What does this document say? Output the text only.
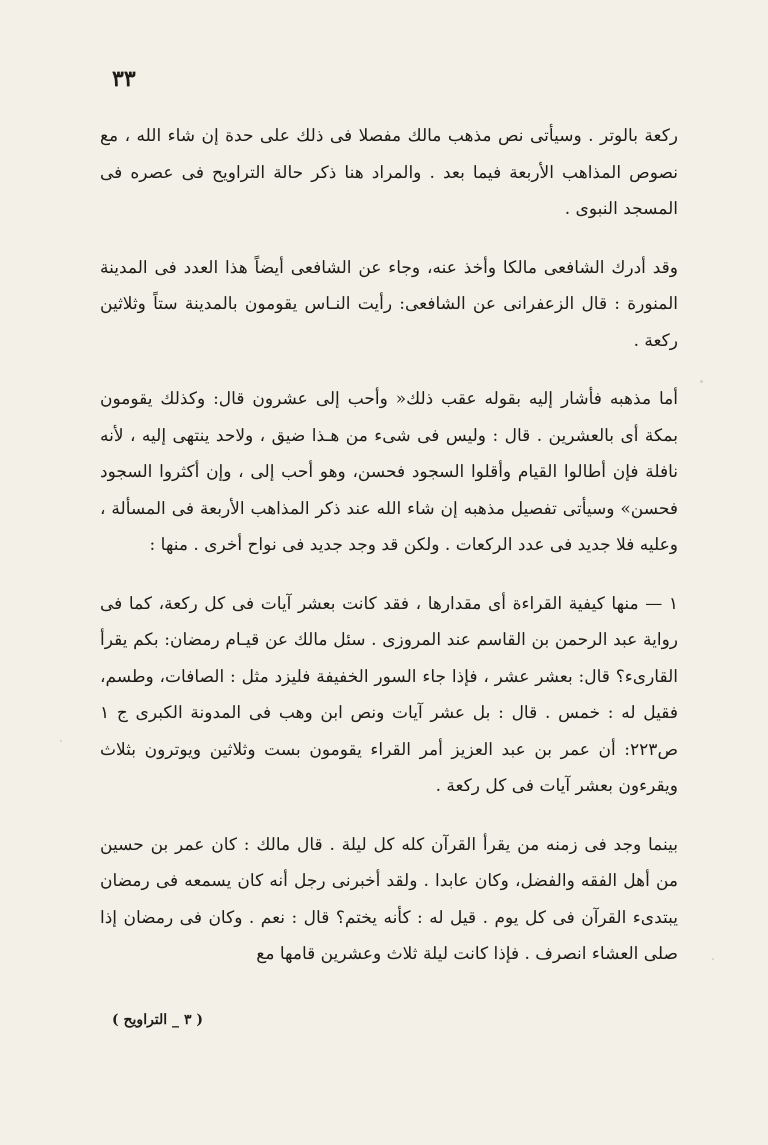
٣٣

ركعة بالوتر . وسيأتى نص مذهب مالك مفصلا فى ذلك على حدة إن شاء الله ، مع نصوص المذاهب الأربعة فيما بعد . والمراد هنا ذكر حالة التراويح فى عصره فى المسجد النبوى .

وقد أدرك الشافعى مالكا وأخذ عنه، وجاء عن الشافعى أيضاً هذا العدد فى المدينة المنورة : قال الزعفرانى عن الشافعى: رأيت النـاس يقومون بالمدينة ستاً وثلاثين ركعة .

أما مذهبه فأشار إليه بقوله عقب ذلك« وأحب إلى عشرون قال: وكذلك يقومون بمكة أى بالعشرين . قال : وليس فى شىء من هـذا ضيق ، ولاحد ينتهى إليه ، لأنه نافلة فإن أطالوا القيام وأقلوا السجود فحسن، وهو أحب إلى ، وإن أكثروا السجود فحسن» وسيأتى تفصيل مذهبه إن شاء الله عند ذكر المذاهب الأربعة فى المسألة ، وعليه فلا جديد فى عدد الركعات . ولكن قد وجد جديد فى نواح أخرى . منها :

١ — منها كيفية القراءة أى مقدارها ، فقد كانت بعشر آيات فى كل ركعة، كما فى رواية عبد الرحمن بن القاسم عند المروزى . سئل مالك عن قيـام رمضان: بكم يقرأ القارىء؟ قال: بعشر عشر ، فإذا جاء السور الخفيفة فليزد مثل : الصافات، وطسم، فقيل له : خمس . قال : بل عشر آيات ونص ابن وهب فى المدونة الكبرى ج ١ ص٢٢٣: أن عمر بن عبد العزيز أمر القراء يقومون بست وثلاثين ويوترون بثلاث ويقرءون بعشر آيات فى كل ركعة .

بينما وجد فى زمنه من يقرأ القرآن كله كل ليلة . قال مالك : كان عمر بن حسين من أهل الفقه والفضل، وكان عابدا . ولقد أخبرنى رجل أنه كان يسمعه فى رمضان يبتدىء القرآن فى كل يوم . قيل له : كأنه يختم؟ قال : نعم . وكان فى رمضان إذا صلى العشاء انصرف . فإذا كانت ليلة ثلاث وعشرين قامها مع

( ٣ _ التراويح )
